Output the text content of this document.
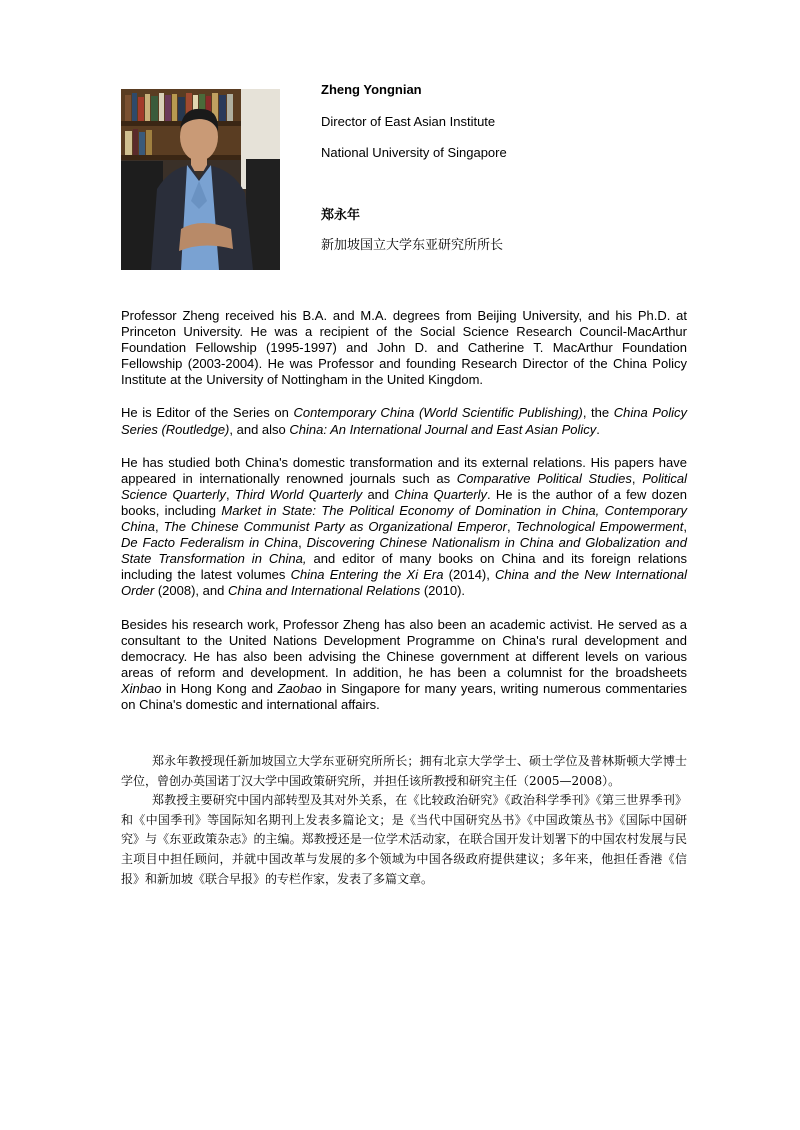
Zheng Yongnian
Director of East Asian Institute
National University of Singapore
郑永年
新加坡国立大学东亚研究所所长

Professor Zheng received his B.A. and M.A. degrees from Beijing University, and his Ph.D. at Princeton University. He was a recipient of the Social Science Research Council-MacArthur Foundation Fellowship (1995-1997) and John D. and Catherine T. MacArthur Foundation Fellowship (2003-2004). He was Professor and founding Research Director of the China Policy Institute at the University of Nottingham in the United Kingdom.

He is Editor of the Series on Contemporary China (World Scientific Publishing), the China Policy Series (Routledge), and also China: An International Journal and East Asian Policy.

He has studied both China's domestic transformation and its external relations. His papers have appeared in internationally renowned journals such as Comparative Political Studies, Political Science Quarterly, Third World Quarterly and China Quarterly. He is the author of a few dozen books, including Market in State: The Political Economy of Domination in China, Contemporary China, The Chinese Communist Party as Organizational Emperor, Technological Empowerment, De Facto Federalism in China, Discovering Chinese Nationalism in China and Globalization and State Transformation in China, and editor of many books on China and its foreign relations including the latest volumes China Entering the Xi Era (2014), China and the New International Order (2008), and China and International Relations (2010).

Besides his research work, Professor Zheng has also been an academic activist. He served as a consultant to the United Nations Development Programme on China's rural development and democracy. He has also been advising the Chinese government at different levels on various areas of reform and development. In addition, he has been a columnist for the broadsheets Xinbao in Hong Kong and Zaobao in Singapore for many years, writing numerous commentaries on China's domestic and international affairs.

郑永年教授现任新加坡国立大学东亚研究所所长；拥有北京大学学士、硕士学位及普林斯顿大学博士学位，曾创办英国诺丁汉大学中国政策研究所，并担任该所教授和研究主任（2005—2008）。

郑教授主要研究中国内部转型及其对外关系，在《比较政治研究》《政治科学季刊》《第三世界季刊》和《中国季刊》等国际知名期刊上发表多篇论文；是《当代中国研究丛书》《中国政策丛书》《国际中国研究》与《东亚政策杂志》的主编。郑教授还是一位学术活动家，在联合国开发计划署下的中国农村发展与民主项目中担任顾问，并就中国改革与发展的多个领域为中国各级政府提供建议；多年来，他担任香港《信报》和新加坡《联合早报》的专栏作家，发表了多篇文章。
